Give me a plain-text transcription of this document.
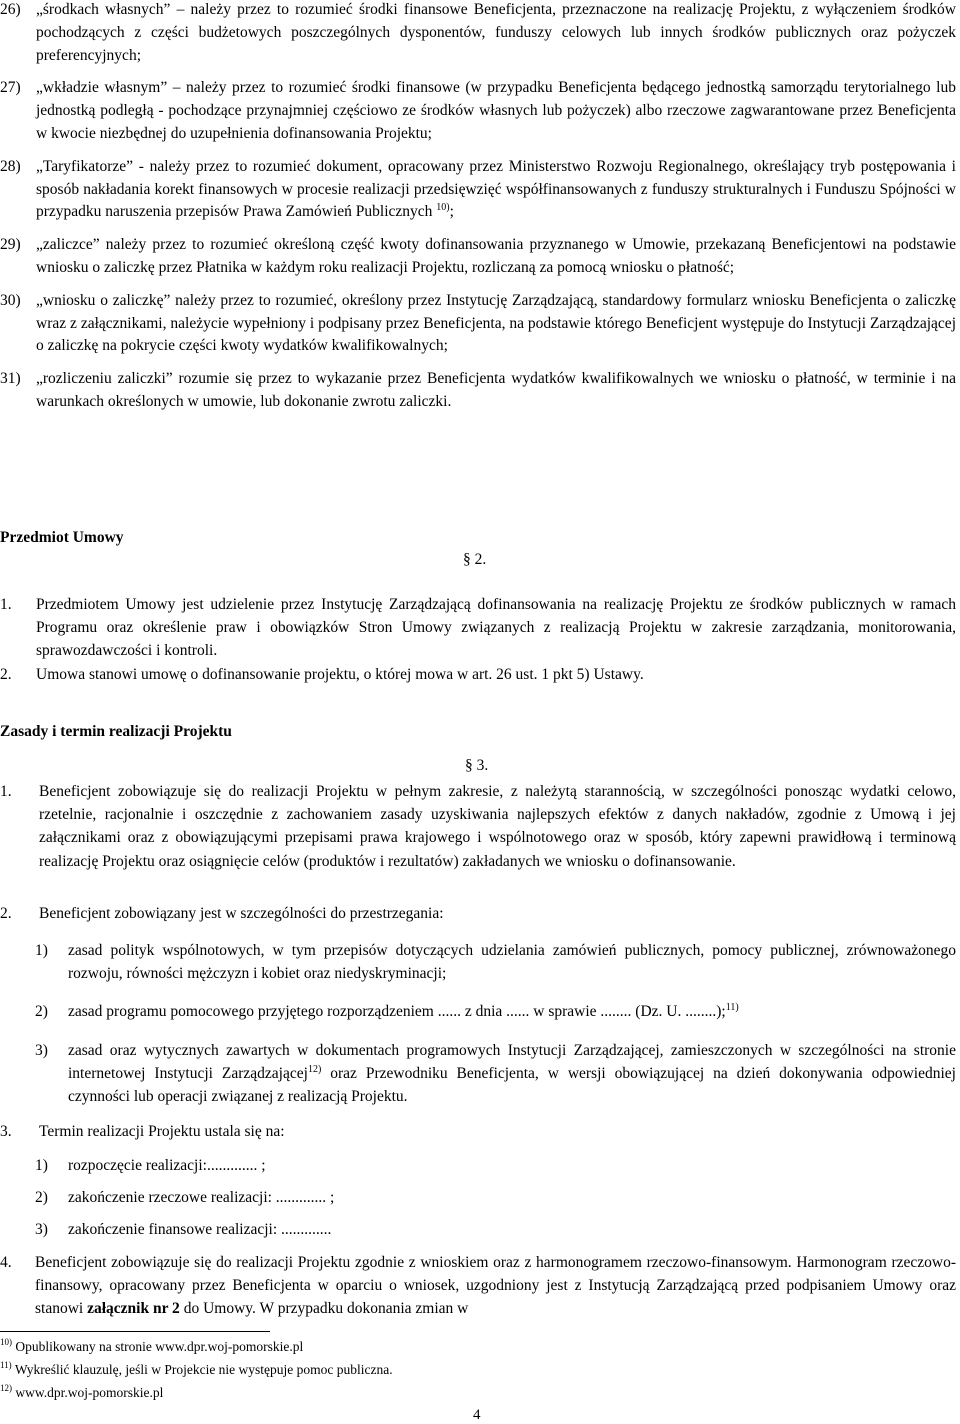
26) „środkach własnych” – należy przez to rozumieć środki finansowe Beneficjenta, przeznaczone na realizację Projektu, z wyłączeniem środków pochodzących z części budżetowych poszczególnych dysponentów, funduszy celowych lub innych środków publicznych oraz pożyczek preferencyjnych;
27) „wkładzie własnym” – należy przez to rozumieć środki finansowe (w przypadku Beneficjenta będącego jednostką samorządu terytorialnego lub jednostką podległą - pochodzące przynajmniej częściowo ze środków własnych lub pożyczek) albo rzeczowe zagwarantowane przez Beneficjenta w kwocie niezbędnej do uzupełnienia dofinansowania Projektu;
28) „Taryfikatorze” - należy przez to rozumieć dokument, opracowany przez Ministerstwo Rozwoju Regionalnego, określający tryb postępowania i sposób nakładania korekt finansowych w procesie realizacji przedsięwzięć współfinansowanych z funduszy strukturalnych i Funduszu Spójności w przypadku naruszenia przepisów Prawa Zamówień Publicznych $^{10)}$;
29) „zaliczce” należy przez to rozumieć określoną część kwoty dofinansowania przyznanego w Umowie, przekazaną Beneficjentowi na podstawie wniosku o zaliczkę przez Płatnika w każdym roku realizacji Projektu, rozliczaną za pomocą wniosku o płatność;
30) „wniosku o zaliczkę” należy przez to rozumieć, określony przez Instytucję Zarządzającą, standardowy formularz wniosku Beneficjenta o zaliczkę wraz z załącznikami, należycie wypełniony i podpisany przez Beneficjenta, na podstawie którego Beneficjent występuje do Instytucji Zarządzającej o zaliczkę na pokrycie części kwoty wydatków kwalifikowalnych;
31) „rozliczeniu zaliczki” rozumie się przez to wykazanie przez Beneficjenta wydatków kwalifikowalnych we wniosku o płatność, w terminie i na warunkach określonych w umowie, lub dokonanie zwrotu zaliczki.
Przedmiot Umowy
§ 2.
1. Przedmiotem Umowy jest udzielenie przez Instytucję Zarządzającą dofinansowania na realizację Projektu ze środków publicznych w ramach Programu oraz określenie praw i obowiązków Stron Umowy związanych z realizacją Projektu w zakresie zarządzania, monitorowania, sprawozdawczości i kontroli.
2. Umowa stanowi umowę o dofinansowanie projektu, o której mowa w art. 26 ust. 1 pkt 5) Ustawy.
Zasady i termin realizacji Projektu
§ 3.
1. Beneficjent zobowiązuje się do realizacji Projektu w pełnym zakresie, z należytą starannością, w szczególności ponosząc wydatki celowo, rzetelnie, racjonalnie i oszczędnie z zachowaniem zasady uzyskiwania najlepszych efektów z danych nakładów, zgodnie z Umową i jej załącznikami oraz z obowiązującymi przepisami prawa krajowego i wspólnotowego oraz w sposób, który zapewni prawidłową i terminową realizację Projektu oraz osiągnięcie celów (produktów i rezultatów) zakładanych we wniosku o dofinansowanie.
2. Beneficjent zobowiązany jest w szczególności do przestrzegania:
1) zasad polityk wspólnotowych, w tym przepisów dotyczących udzielania zamówień publicznych, pomocy publicznej, zrównoważonego rozwoju, równości mężczyzn i kobiet oraz niedyskryminacji;
2) zasad programu pomocowego przyjętego rozporządzeniem ...... z dnia ...... w sprawie ........ (Dz. U. ........);$^{11)}$
3) zasad oraz wytycznych zawartych w dokumentach programowych Instytucji Zarządzającej, zamieszczonych w szczególności na stronie internetowej Instytucji Zarządzającej$^{12)}$ oraz Przewodniku Beneficjenta, w wersji obowiązującej na dzień dokonywania odpowiedniej czynności lub operacji związanej z realizacją Projektu.
3. Termin realizacji Projektu ustala się na:
1) rozpoczęcie realizacji:............. ;
2) zakończenie rzeczowe realizacji: ............. ;
3) zakończenie finansowe realizacji: .............
4. Beneficjent zobowiązuje się do realizacji Projektu zgodnie z wnioskiem oraz z harmonogramem rzeczowo-finansowym. Harmonogram rzeczowo-finansowy, opracowany przez Beneficjenta w oparciu o wniosek, uzgodniony jest z Instytucją Zarządzającą przed podpisaniem Umowy oraz stanowi załącznik nr 2 do Umowy. W przypadku dokonania zmian w
$^{10)}$ Opublikowany na stronie www.dpr.woj-pomorskie.pl
$^{11)}$ Wykreślić klauzulę, jeśli w Projekcie nie występuje pomoc publiczna.
$^{12)}$ www.dpr.woj-pomorskie.pl
4
